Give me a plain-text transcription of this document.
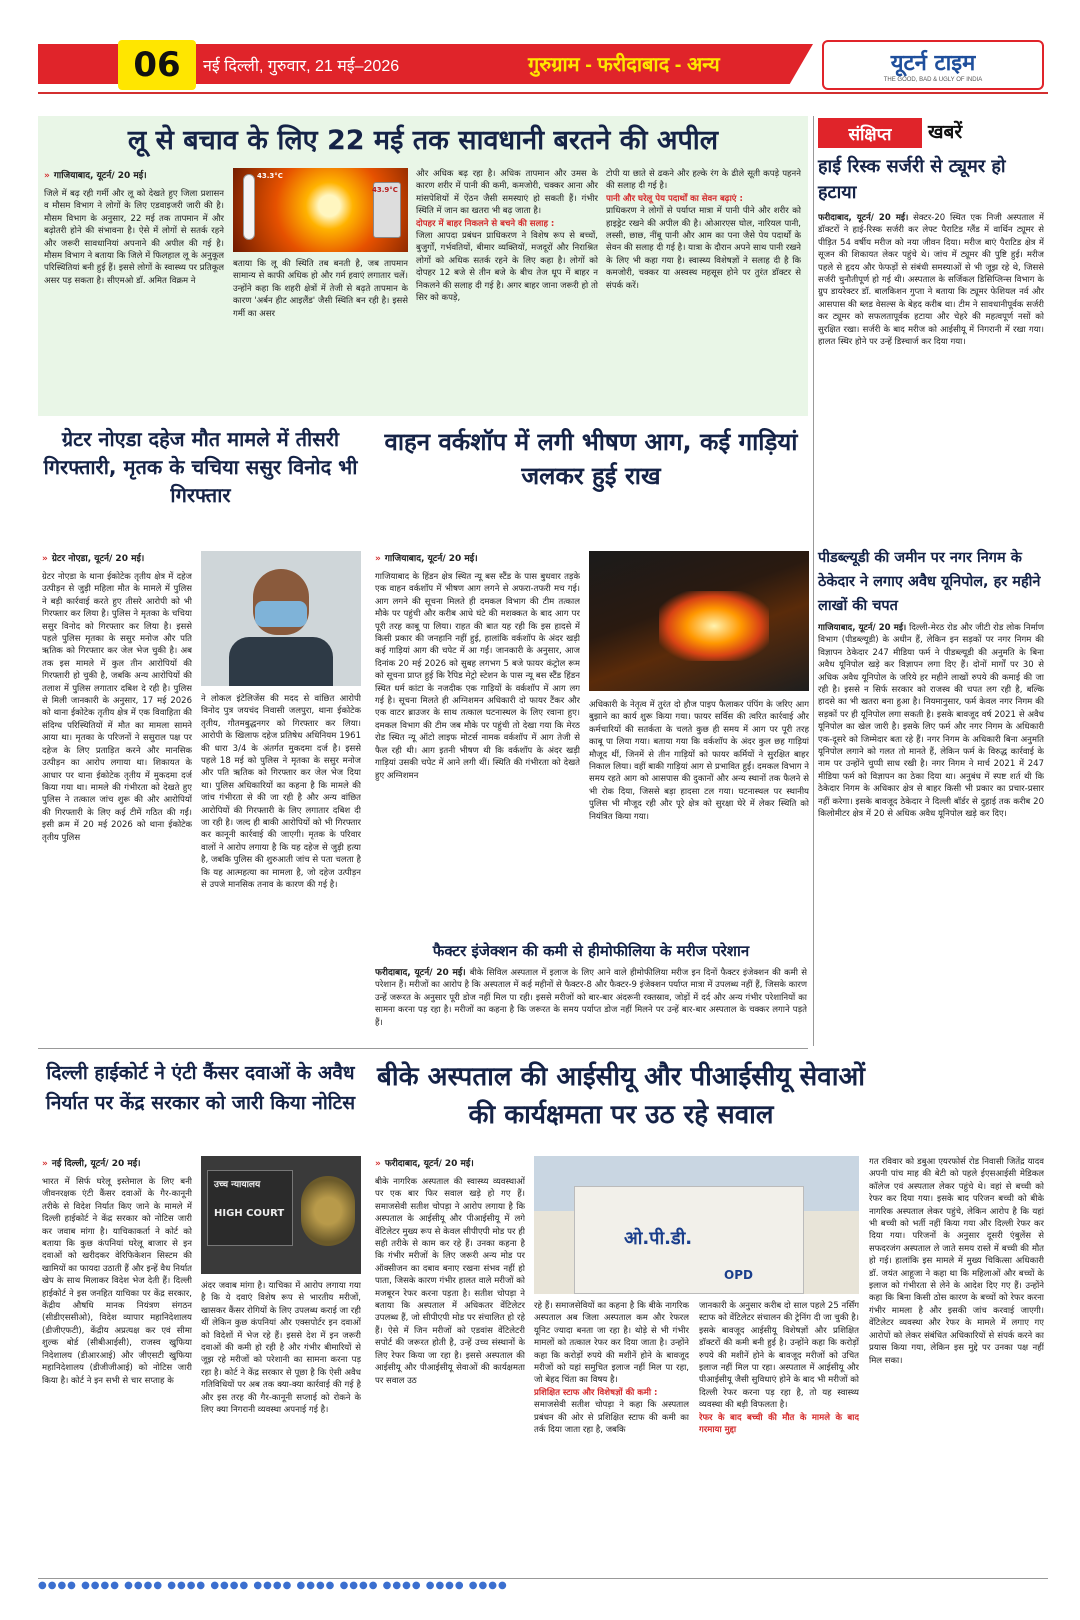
06	नई दिल्ली, गुरुवार, 21 मई–2026	गुरुग्राम - फरीदाबाद - अन्य	यूटर्न टाइम
THE GOOD, BAD & UGLY OF INDIA
लू से बचाव के लिए 22 मई तक सावधानी बरतने की अपील
» गाजियाबाद, यूटर्न/ 20 मई।
जिले में बढ़ रही गर्मी और लू को देखते हुए जिला प्रशासन व मौसम विभाग ने लोगों के लिए एडवाइजरी जारी की है। मौसम विभाग के अनुसार, 22 मई तक तापमान में और बढ़ोतरी होने की संभावना है। ऐसे में लोगों से सतर्क रहने और जरूरी सावधानियां अपनाने की अपील की गई है। मौसम विभाग ने बताया कि जिले में फिलहाल लू के अनुकूल परिस्थितियां बनी हुई हैं। इससे लोगों के स्वास्थ्य पर प्रतिकूल असर पड़ सकता है। सीएमओ डॉ. अमित विक्रम ने
43.3°C
43.9°C
बताया कि लू की स्थिति तब बनती है, जब तापमान सामान्य से काफी अधिक हो और गर्म हवाएं लगातार चलें। उन्होंने कहा कि शहरी क्षेत्रों में तेजी से बढ़ते तापमान के कारण 'अर्बन हीट आइलैंड' जैसी स्थिति बन रही है। इससे गर्मी का असर
और अधिक बढ़ रहा है। अधिक तापमान और उमस के कारण शरीर में पानी की कमी, कमजोरी, चक्कर आना और मांसपेशियों में ऐंठन जैसी समस्याएं हो सकती हैं। गंभीर स्थिति में जान का खतरा भी बढ़ जाता है।
दोपहर में बाहर निकलने से बचने की सलाह :
जिला आपदा प्रबंधन प्राधिकरण ने विशेष रूप से बच्चों, बुजुर्गों, गर्भवतियों, बीमार व्यक्तियों, मजदूरों और निराश्रित लोगों को अधिक सतर्क रहने के लिए कहा है। लोगों को दोपहर 12 बजे से तीन बजे के बीच तेज धूप में बाहर न निकलने की सलाह दी गई है। अगर बाहर जाना जरूरी हो तो सिर को कपड़े,
टोपी या छाते से ढकने और हल्के रंग के ढीले सूती कपड़े पहनने की सलाह दी गई है।
पानी और घरेलू पेय पदार्थों का सेवन बढ़ाएं :
प्राधिकरण ने लोगों से पर्याप्त मात्रा में पानी पीने और शरीर को हाइड्रेट रखने की अपील की है। ओआरएस घोल, नारियल पानी, लस्सी, छाछ, नींबू पानी और आम का पना जैसे पेय पदार्थों के सेवन की सलाह दी गई है। यात्रा के दौरान अपने साथ पानी रखने के लिए भी कहा गया है। स्वास्थ्य विशेषज्ञों ने सलाह दी है कि कमजोरी, चक्कर या अस्वस्थ महसूस होने पर तुरंत डॉक्टर से संपर्क करें।
ग्रेटर नोएडा दहेज मौत मामले में तीसरी गिरफ्तारी, मृतक के चचिया ससुर विनोद भी गिरफ्तार
» ग्रेटर नोएडा, यूटर्न/ 20 मई।
ग्रेटर नोएडा के थाना ईकोटेक तृतीय क्षेत्र में दहेज उत्पीड़न से जुड़ी महिला मौत के मामले में पुलिस ने बड़ी कार्रवाई करते हुए तीसरे आरोपी को भी गिरफ्तार कर लिया है। पुलिस ने मृतका के चचिया ससुर विनोद को गिरफ्तार कर लिया है। इससे पहले पुलिस मृतका के ससुर मनोज और पति ऋतिक को गिरफ्तार कर जेल भेज चुकी है। अब तक इस मामले में कुल तीन आरोपियों की गिरफ्तारी हो चुकी है, जबकि अन्य आरोपियों की तलाश में पुलिस लगातार दबिश दे रही है। पुलिस से मिली जानकारी के अनुसार, 17 मई 2026 को थाना ईकोटेक तृतीय क्षेत्र में एक विवाहिता की संदिग्ध परिस्थितियों में मौत का मामला सामने आया था। मृतका के परिजनों ने ससुराल पक्ष पर दहेज के लिए प्रताड़ित करने और मानसिक उत्पीड़न का आरोप लगाया था। शिकायत के आधार पर थाना ईकोटेक तृतीय में मुकदमा दर्ज किया गया था। मामले की गंभीरता को देखते हुए पुलिस ने तत्काल जांच शुरू की और आरोपियों की गिरफ्तारी के लिए कई टीमें गठित की गईं। इसी क्रम में 20 मई 2026 को थाना ईकोटेक तृतीय पुलिस
ने लोकल इंटेलिजेंस की मदद से वांछित आरोपी विनोद पुत्र जयचंद निवासी जलपुरा, थाना ईकोटेक तृतीय, गौतमबुद्धनगर को गिरफ्तार कर लिया। आरोपी के खिलाफ दहेज प्रतिषेध अधिनियम 1961 की धारा 3/4 के अंतर्गत मुकदमा दर्ज है। इससे पहले 18 मई को पुलिस ने मृतका के ससुर मनोज और पति ऋतिक को गिरफ्तार कर जेल भेज दिया था। पुलिस अधिकारियों का कहना है कि मामले की जांच गंभीरता से की जा रही है और अन्य वांछित आरोपियों की गिरफ्तारी के लिए लगातार दबिश दी जा रही है। जल्द ही बाकी आरोपियों को भी गिरफ्तार कर कानूनी कार्रवाई की जाएगी। मृतक के परिवार वालों ने आरोप लगाया है कि यह दहेज से जुड़ी हत्या है, जबकि पुलिस की शुरुआती जांच से पता चलता है कि यह आत्महत्या का मामला है, जो दहेज उत्पीड़न से उपजे मानसिक तनाव के कारण की गई है।
वाहन वर्कशॉप में लगी भीषण आग, कई गाड़ियां जलकर हुई राख
» गाजियाबाद, यूटर्न/ 20 मई।
गाजियाबाद के हिंडन क्षेत्र स्थित न्यू बस स्टैंड के पास बुधवार तड़के एक वाहन वर्कशॉप में भीषण आग लगने से अफरा-तफरी मच गई। आग लगने की सूचना मिलते ही दमकल विभाग की टीम तत्काल मौके पर पहुंची और करीब आधे घंटे की मशक्कत के बाद आग पर पूरी तरह काबू पा लिया। राहत की बात यह रही कि इस हादसे में किसी प्रकार की जनहानि नहीं हुई, हालांकि वर्कशॉप के अंदर खड़ी कई गाड़ियां आग की चपेट में आ गईं। जानकारी के अनुसार, आज दिनांक 20 मई 2026 को सुबह लगभग 5 बजे फायर कंट्रोल रूम को सूचना प्राप्त हुई कि रैपिड मेट्रो स्टेशन के पास न्यू बस स्टैंड हिंडन स्थित धर्म कांटा के नजदीक एक गाड़ियों के वर्कशॉप में आग लग गई है। सूचना मिलते ही अग्निशमन अधिकारी दो फायर टैंकर और एक वाटर ब्राउजर के साथ तत्काल घटनास्थल के लिए रवाना हुए। दमकल विभाग की टीम जब मौके पर पहुंची तो देखा गया कि मेरठ रोड स्थित न्यू ऑटो लाइफ मोटर्स नामक वर्कशॉप में आग तेजी से फैल रही थी। आग इतनी भीषण थी कि वर्कशॉप के अंदर खड़ी गाड़ियां उसकी चपेट में आने लगी थीं। स्थिति की गंभीरता को देखते हुए अग्निशमन
अधिकारी के नेतृत्व में तुरंत दो हौज पाइप फैलाकर पंपिंग के जरिए आग बुझाने का कार्य शुरू किया गया। फायर सर्विस की त्वरित कार्रवाई और कर्मचारियों की सतर्कता के चलते कुछ ही समय में आग पर पूरी तरह काबू पा लिया गया। बताया गया कि वर्कशॉप के अंदर कुल छह गाड़ियां मौजूद थीं, जिनमें से तीन गाड़ियों को फायर कर्मियों ने सुरक्षित बाहर निकाल लिया। वहीं बाकी गाड़ियां आग से प्रभावित हुईं। दमकल विभाग ने समय रहते आग को आसपास की दुकानों और अन्य स्थानों तक फैलने से भी रोक दिया, जिससे बड़ा हादसा टल गया। घटनास्थल पर स्थानीय पुलिस भी मौजूद रही और पूरे क्षेत्र को सुरक्षा घेरे में लेकर स्थिति को नियंत्रित किया गया।
फैक्टर इंजेक्शन की कमी से हीमोफीलिया के मरीज परेशान
फरीदाबाद, यूटर्न/ 20 मई। बीके सिविल अस्पताल में इलाज के लिए आने वाले हीमोफीलिया मरीज इन दिनों फैक्टर इंजेक्शन की कमी से परेशान हैं। मरीजों का आरोप है कि अस्पताल में कई महीनों से फैक्टर-8 और फैक्टर-9 इंजेक्शन पर्याप्त मात्रा में उपलब्ध नहीं हैं, जिसके कारण उन्हें जरूरत के अनुसार पूरी डोज नहीं मिल पा रही। इससे मरीजों को बार-बार अंदरूनी रक्तस्राव, जोड़ों में दर्द और अन्य गंभीर परेशानियों का सामना करना पड़ रहा है। मरीजों का कहना है कि जरूरत के समय पर्याप्त डोज नहीं मिलने पर उन्हें बार-बार अस्पताल के चक्कर लगाने पड़ते हैं।
संक्षिप्त	खबरें
हाई रिस्क सर्जरी से ट्यूमर हो हटाया
फरीदाबाद, यूटर्न/ 20 मई। सेक्टर-20 स्थित एक निजी अस्पताल में डॉक्टरों ने हाई-रिस्क सर्जरी कर लेफ्ट पैराटिड ग्लैंड में वार्थिन ट्यूमर से पीड़ित 54 वर्षीय मरीज को नया जीवन दिया। मरीज बाएं पैराटिड क्षेत्र में सूजन की शिकायत लेकर पहुंचे थे। जांच में ट्यूमर की पुष्टि हुई। मरीज पहले से हृदय और फेफड़ों से संबंधी समस्याओं से भी जूझ रहे थे, जिससे सर्जरी चुनौतीपूर्ण हो गई थी। अस्पताल के सर्जिकल डिसिप्लिन्स विभाग के ग्रुप डायरेक्टर डॉ. बालकिशन गुप्ता ने बताया कि ट्यूमर फेशियल नर्व और आसपास की ब्लड वेसल्स के बेहद करीब था। टीम ने सावधानीपूर्वक सर्जरी कर ट्यूमर को सफलतापूर्वक हटाया और चेहरे की महत्वपूर्ण नसों को सुरक्षित रखा। सर्जरी के बाद मरीज को आईसीयू में निगरानी में रखा गया। हालत स्थिर होने पर उन्हें डिस्चार्ज कर दिया गया।
पीडब्ल्यूडी की जमीन पर नगर निगम के ठेकेदार ने लगाए अवैध यूनिपोल, हर महीने लाखों की चपत
गाजियाबाद, यूटर्न/ 20 मई। दिल्ली-मेरठ रोड और जीटी रोड लोक निर्माण विभाग (पीडब्ल्यूडी) के अधीन हैं, लेकिन इन सड़कों पर नगर निगम की विज्ञापन ठेकेदार 247 मीडिया फर्म ने पीडब्ल्यूडी की अनुमति के बिना अवैध यूनिपोल खड़े कर विज्ञापन लगा दिए हैं। दोनों मार्गों पर 30 से अधिक अवैध यूनिपोल के जरिये हर महीने लाखों रुपये की कमाई की जा रही है। इससे न सिर्फ सरकार को राजस्व की चपत लग रही है, बल्कि हादसे का भी खतरा बना हुआ है। नियमानुसार, फर्म केवल नगर निगम की सड़कों पर ही यूनिपोल लगा सकती है। इसके बावजूद वर्ष 2021 से अवैध यूनिपोल का खेल जारी है। इसके लिए फर्म और नगर निगम के अधिकारी एक-दूसरे को जिम्मेदार बता रहे हैं। नगर निगम के अधिकारी बिना अनुमति यूनिपोल लगाने को गलत तो मानते हैं, लेकिन फर्म के विरुद्ध कार्रवाई के नाम पर उन्होंने चुप्पी साध रखी है। नगर निगम ने मार्च 2021 में 247 मीडिया फर्म को विज्ञापन का ठेका दिया था। अनुबंध में स्पष्ट शर्त थी कि ठेकेदार निगम के अधिकार क्षेत्र से बाहर किसी भी प्रकार का प्रचार-प्रसार नहीं करेगा। इसके बावजूद ठेकेदार ने दिल्ली बॉर्डर से दुहाई तक करीब 20 किलोमीटर क्षेत्र में 20 से अधिक अवैध यूनिपोल खड़े कर दिए।
दिल्ली हाईकोर्ट ने एंटी कैंसर दवाओं के अवैध निर्यात पर केंद्र सरकार को जारी किया नोटिस
» नई दिल्ली, यूटर्न/ 20 मई।
भारत में सिर्फ घरेलू इस्तेमाल के लिए बनी जीवनरक्षक एंटी कैंसर दवाओं के गैर-कानूनी तरीके से विदेश निर्यात किए जाने के मामले में दिल्ली हाईकोर्ट ने केंद्र सरकार को नोटिस जारी कर जवाब मांगा है। याचिकाकर्ता ने कोर्ट को बताया कि कुछ कंपनियां घरेलू बाजार से इन दवाओं को खरीदकर वेरिफिकेशन सिस्टम की खामियों का फायदा उठाती हैं और इन्हें वैध निर्यात खेप के साथ मिलाकर विदेश भेज देती हैं। दिल्ली हाईकोर्ट ने इस जनहित याचिका पर केंद्र सरकार, केंद्रीय औषधि मानक नियंत्रण संगठन (सीडीएससीओ), विदेश व्यापार महानिदेशालय (डीजीएफटी), केंद्रीय अप्रत्यक्ष कर एवं सीमा शुल्क बोर्ड (सीबीआईसी), राजस्व खुफिया निदेशालय (डीआरआई) और जीएसटी खुफिया महानिदेशालय (डीजीजीआई) को नोटिस जारी किया है। कोर्ट ने इन सभी से चार सप्ताह के
उच्च न्यायालय
HIGH COURT
अंदर जवाब मांगा है। याचिका में आरोप लगाया गया है कि ये दवाएं विशेष रूप से भारतीय मरीजों, खासकर कैंसर रोगियों के लिए उपलब्ध कराई जा रही थीं लेकिन कुछ कंपनियां और एक्सपोर्टर इन दवाओं को विदेशों में भेज रहे हैं। इससे देश में इन जरूरी दवाओं की कमी हो रही है और गंभीर बीमारियों से जूझ रहे मरीजों को परेशानी का सामना करना पड़ रहा है। कोर्ट ने केंद्र सरकार से पूछा है कि ऐसी अवैध गतिविधियों पर अब तक क्या-क्या कार्रवाई की गई है और इस तरह की गैर-कानूनी सप्लाई को रोकने के लिए क्या निगरानी व्यवस्था अपनाई गई है।
बीके अस्पताल की आईसीयू और पीआईसीयू सेवाओं की कार्यक्षमता पर उठ रहे सवाल
» फरीदाबाद, यूटर्न/ 20 मई।
बीके नागरिक अस्पताल की स्वास्थ्य व्यवस्थाओं पर एक बार फिर सवाल खड़े हो गए हैं। समाजसेवी सतीश चोपड़ा ने आरोप लगाया है कि अस्पताल के आईसीयू और पीआईसीयू में लगे वेंटिलेटर मुख्य रूप से केवल सीपीएपी मोड पर ही सही तरीके से काम कर रहे हैं। उनका कहना है कि गंभीर मरीजों के लिए जरूरी अन्य मोड पर ऑक्सीजन का दबाव बनाए रखना संभव नहीं हो पाता, जिसके कारण गंभीर हालत वाले मरीजों को मजबूरन रेफर करना पड़ता है। सतीश चोपड़ा ने बताया कि अस्पताल में अधिकतर वेंटिलेटर उपलब्ध हैं, जो सीपीएपी मोड पर संचालित हो रहे हैं। ऐसे में जिन मरीजों को एडवांस वेंटिलेटरी सपोर्ट की जरूरत होती है, उन्हें उच्च संस्थानों के लिए रेफर किया जा रहा है। इससे अस्पताल की आईसीयू और पीआईसीयू सेवाओं की कार्यक्षमता पर सवाल उठ
ओ.पी.डी.
OPD
रहे हैं। समाजसेवियों का कहना है कि बीके नागरिक अस्पताल अब जिला अस्पताल कम और रेफरल यूनिट ज्यादा बनता जा रहा है। थोड़े से भी गंभीर मामलों को तत्काल रेफर कर दिया जाता है। उन्होंने कहा कि करोड़ों रुपये की मशीनें होने के बावजूद मरीजों को यहां समुचित इलाज नहीं मिल पा रहा, जो बेहद चिंता का विषय है।
प्रशिक्षित स्टाफ और विशेषज्ञों की कमी :
समाजसेवी सतीश चोपड़ा ने कहा कि अस्पताल प्रबंधन की ओर से प्रशिक्षित स्टाफ की कमी का तर्क दिया जाता रहा है, जबकि
जानकारी के अनुसार करीब दो साल पहले 25 नर्सिंग स्टाफ को वेंटिलेटर संचालन की ट्रेनिंग दी जा चुकी है। इसके बावजूद आईसीयू विशेषज्ञों और प्रशिक्षित डॉक्टरों की कमी बनी हुई है। उन्होंने कहा कि करोड़ों रुपये की मशीनें होने के बावजूद मरीजों को उचित इलाज नहीं मिल पा रहा। अस्पताल में आईसीयू और पीआईसीयू जैसी सुविधाएं होने के बाद भी मरीजों को दिल्ली रेफर करना पड़ रहा है, तो यह स्वास्थ्य व्यवस्था की बड़ी विफलता है।
रेफर के बाद बच्ची की मौत के मामले के बाद गरमाया मुद्दा
गत रविवार को डबुआ एयरफोर्स रोड निवासी जितेंद्र यादव अपनी पांच माह की बेटी को पहले ईएसआईसी मेडिकल कॉलेज एवं अस्पताल लेकर पहुंचे थे। वहां से बच्ची को रेफर कर दिया गया। इसके बाद परिजन बच्ची को बीके नागरिक अस्पताल लेकर पहुंचे, लेकिन आरोप है कि यहां भी बच्ची को भर्ती नहीं किया गया और दिल्ली रेफर कर दिया गया। परिजनों के अनुसार दूसरी एंबुलेंस से सफदरजंग अस्पताल ले जाते समय रास्ते में बच्ची की मौत हो गई। हालांकि इस मामले में मुख्य चिकित्सा अधिकारी डॉ. जयंत आहूजा ने कहा था कि महिलाओं और बच्चों के इलाज को गंभीरता से लेने के आदेश दिए गए हैं। उन्होंने कहा कि बिना किसी ठोस कारण के बच्चों को रेफर करना गंभीर मामला है और इसकी जांच करवाई जाएगी। वेंटिलेटर व्यवस्था और रेफर के मामले में लगाए गए आरोपों को लेकर संबंधित अधिकारियों से संपर्क करने का प्रयास किया गया, लेकिन इस मुद्दे पर उनका पक्ष नहीं मिल सका।
●●●● ●●●● ●●●● ●●●● ●●●● ●●●● ●●●● ●●●● ●●●● ●●●● ●●●●
